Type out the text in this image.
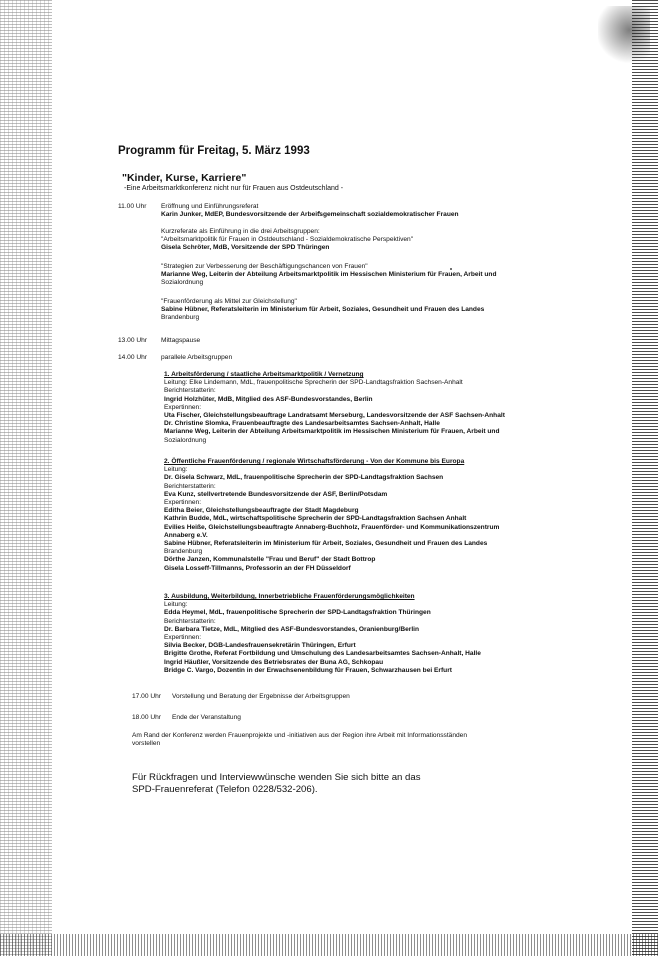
Programm für Freitag, 5. März 1993
"Kinder, Kurse, Karriere"
-Eine Arbeitsmarktkonferenz nicht nur für Frauen aus Ostdeutschland -
11.00 Uhr	Eröffnung und Einführungsreferat
Karin Junker, MdEP, Bundesvorsitzende der Arbeitsgemeinschaft sozialdemokratischer Frauen
Kurzreferate als Einführung in die drei Arbeitsgruppen:
"Arbeitsmarktpolitik für Frauen in Ostdeutschland - Sozialdemokratische Perspektiven"
Gisela Schröter, MdB, Vorsitzende der SPD Thüringen
"Strategien zur Verbesserung der Beschäftigungschancen von Frauen"
Marianne Weg, Leiterin der Abteilung Arbeitsmarktpolitik im Hessischen Ministerium für Frauen, Arbeit und
Sozialordnung
"Frauenförderung als Mittel zur Gleichstellung"
Sabine Hübner, Referatsleiterin im Ministerium für Arbeit, Soziales, Gesundheit und Frauen des Landes
Brandenburg
13.00 Uhr	Mittagspause
14.00 Uhr	parallele Arbeitsgruppen
1. Arbeitsförderung / staatliche Arbeitsmarktpolitik / Vernetzung
Leitung: Elke Lindemann, MdL, frauenpolitische Sprecherin der SPD-Landtagsfraktion Sachsen-Anhalt
Berichterstatterin:
Ingrid Holzhüter, MdB, Mitglied des ASF-Bundesvorstandes, Berlin
Expertinnen:
Uta Fischer, Gleichstellungsbeauftrage Landratsamt Merseburg, Landesvorsitzende der ASF Sachsen-Anhalt
Dr. Christine Slomka, Frauenbeauftragte des Landesarbeitsamtes Sachsen-Anhalt, Halle
Marianne Weg, Leiterin der Abteilung Arbeitsmarktpolitik im Hessischen Ministerium für Frauen, Arbeit und
Sozialordnung
2. Öffentliche Frauenförderung / regionale Wirtschaftsförderung - Von der Kommune bis Europa
Leitung:
Dr. Gisela Schwarz, MdL, frauenpolitische Sprecherin der SPD-Landtagsfraktion Sachsen
Berichterstatterin:
Eva Kunz, stellvertretende Bundesvorsitzende der ASF, Berlin/Potsdam
Expertinnen:
Editha Beier, Gleichstellungsbeauftragte der Stadt Magdeburg
Kathrin Budde, MdL, wirtschaftspolitische Sprecherin der SPD-Landtagsfraktion Sachsen Anhalt
Evilies Heiße, Gleichstellungsbeauftragte Annaberg-Buchholz, Frauenförder- und Kommunikationszentrum
Annaberg e.V.
Sabine Hübner, Referatsleiterin im Ministerium für Arbeit, Soziales, Gesundheit und Frauen des Landes
Brandenburg
Dörthe Janzen, Kommunalstelle "Frau und Beruf" der Stadt Bottrop
Gisela Losseff-Tillmanns, Professorin an der FH Düsseldorf
3. Ausbildung, Weiterbildung, Innerbetriebliche Frauenförderungsmöglichkeiten
Leitung:
Edda Heymel, MdL, frauenpolitische Sprecherin der SPD-Landtagsfraktion Thüringen
Berichterstatterin:
Dr. Barbara Tietze, MdL, Mitglied des ASF-Bundesvorstandes, Oranienburg/Berlin
Expertinnen:
Silvia Becker, DGB-Landesfrauensekretärin Thüringen, Erfurt
Brigitte Grothe, Referat Fortbildung und Umschulung des Landesarbeitsamtes Sachsen-Anhalt, Halle
Ingrid Häußler, Vorsitzende des Betriebsrates der Buna AG, Schkopau
Bridge C. Vargo, Dozentin in der Erwachsenenbildung für Frauen, Schwarzhausen bei Erfurt
17.00 Uhr	Vorstellung und Beratung der Ergebnisse der Arbeitsgruppen
18.00 Uhr	Ende der Veranstaltung
Am Rand der Konferenz werden Frauenprojekte und -initiativen aus der Region ihre Arbeit mit Informationsständen
vorstellen
Für Rückfragen und Interviewwünsche wenden Sie sich bitte an das
SPD-Frauenreferat (Telefon 0228/532-206).
